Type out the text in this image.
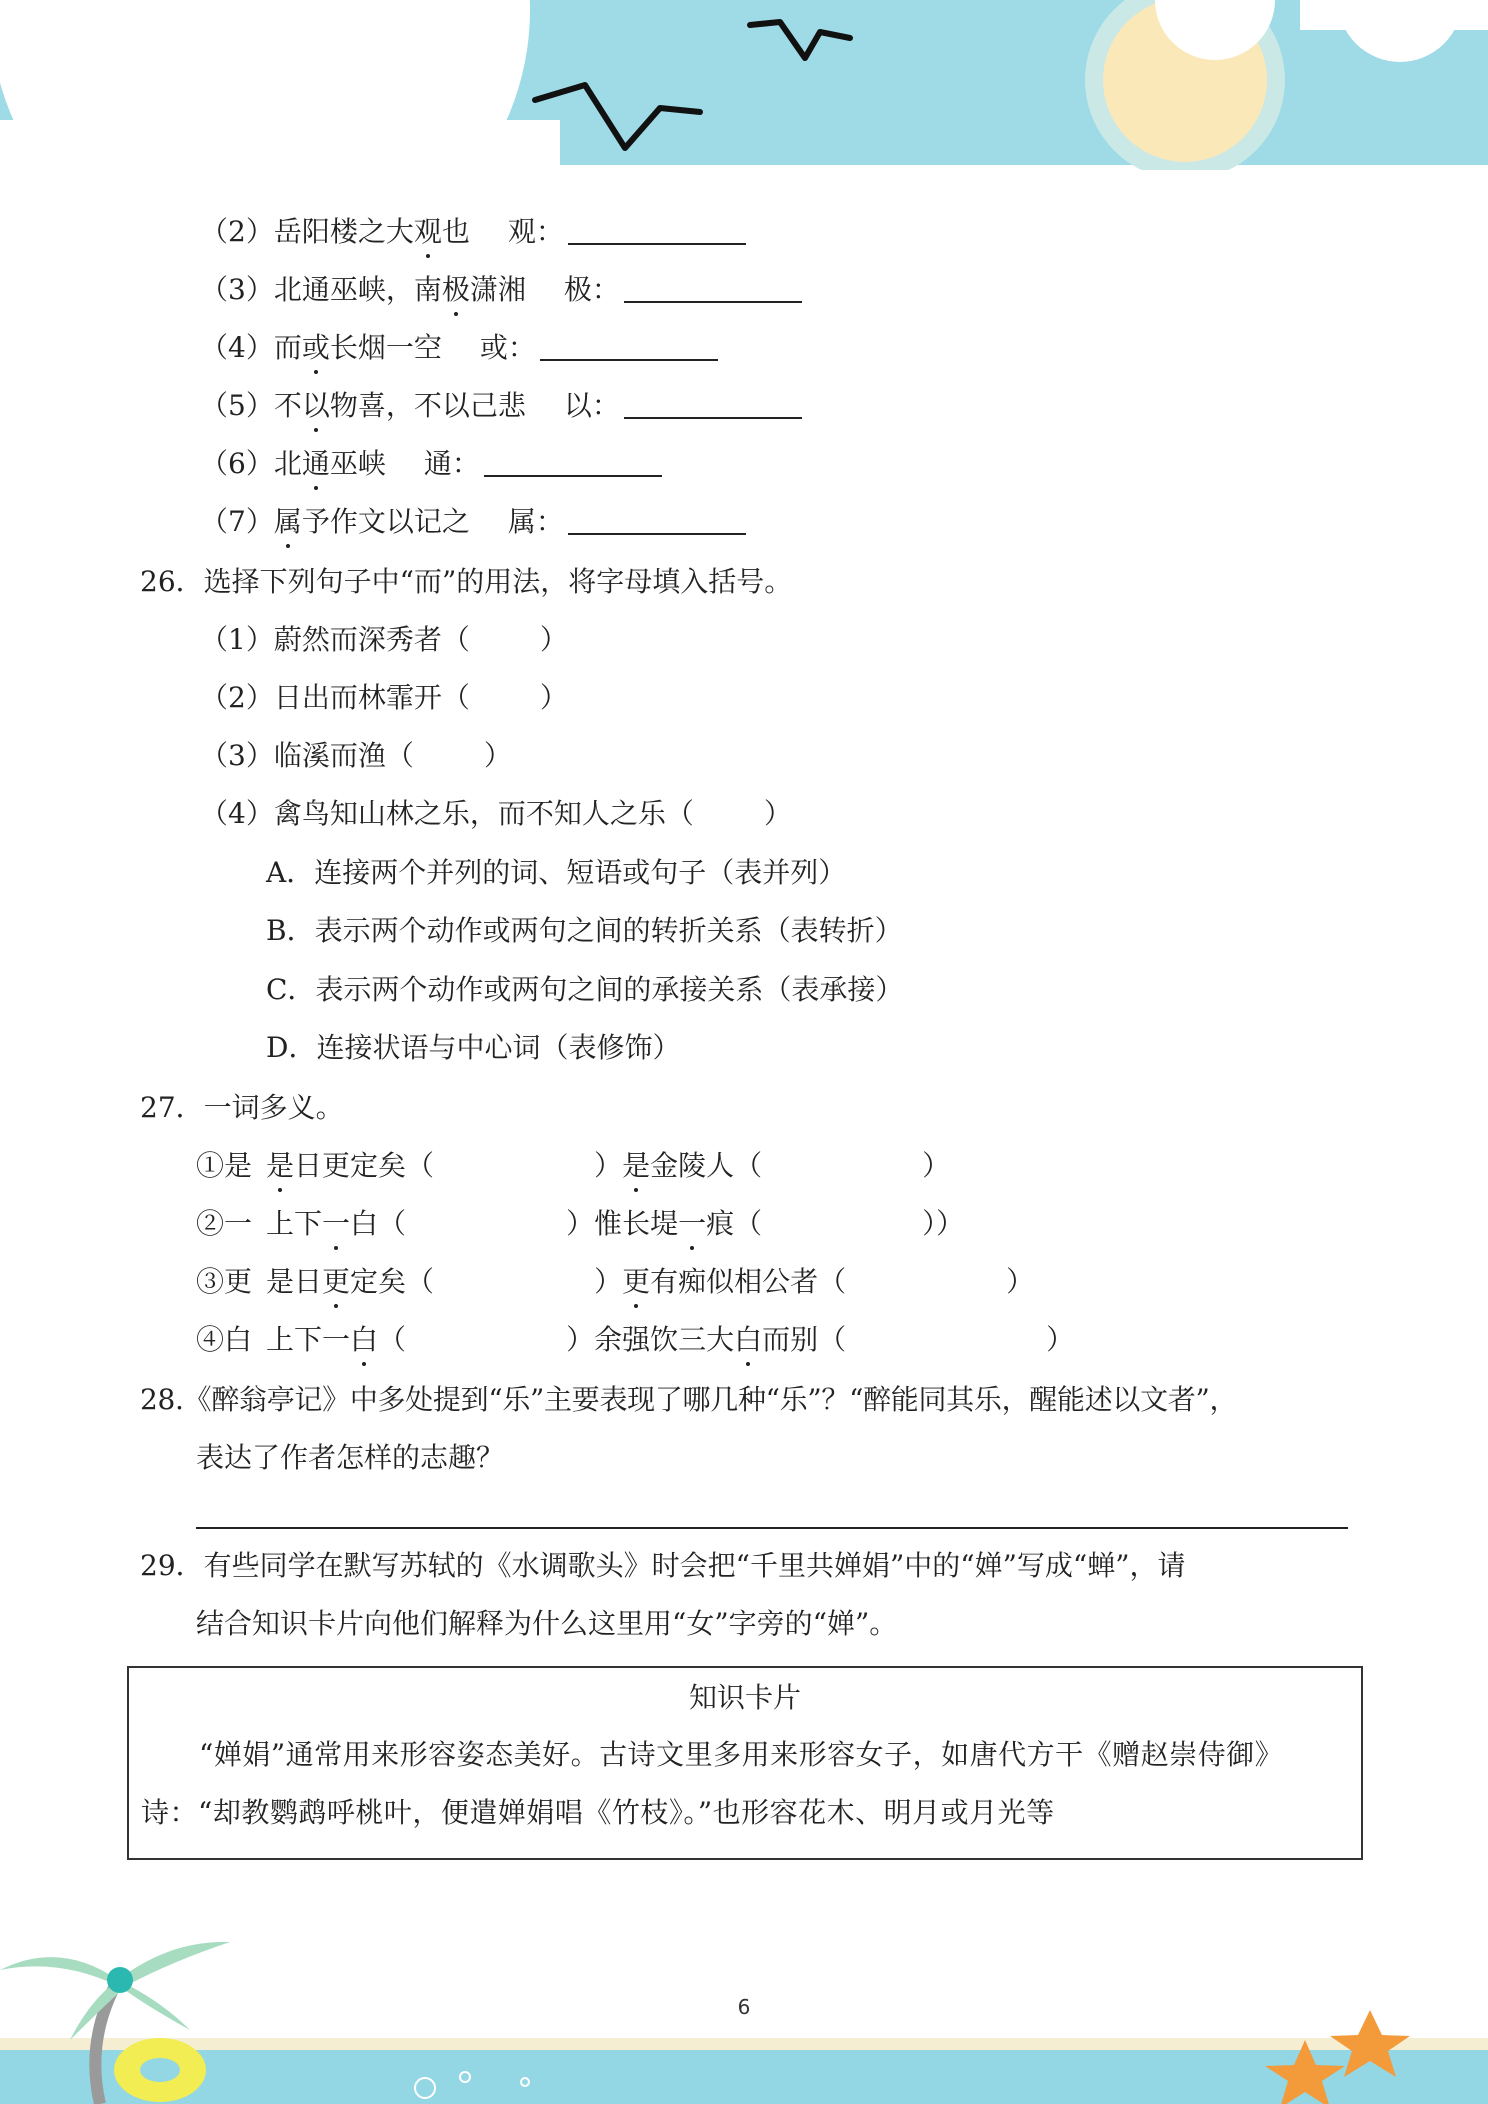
（2）岳阳楼之大观也 观：
（3）北通巫峡，南极潇湘 极：
（4）而或长烟一空 或：
（5）不以物喜，不以己悲 以：
（6）北通巫峡 通：
（7）属予作文以记之 属：
26．选择下列句子中“而”的用法，将字母填入括号。
（1）蔚然而深秀者（	）
（2）日出而林霏开（	）
（3）临溪而渔（	）
（4）禽鸟知山林之乐，而不知人之乐（	）
A．连接两个并列的词、短语或句子（表并列）
B．表示两个动作或两句之间的转折关系（表转折）
C．表示两个动作或两句之间的承接关系（表承接）
D．连接状语与中心词（表修饰）
27．一词多义。
①是 是日更定矣（	）是金陵人（	）
②一 上下一白（	）惟长堤一痕（	））
③更 是日更定矣（	）更有痴似相公者（	）
④白 上下一白（	）余强饮三大白而别（	）
28.《醉翁亭记》中多处提到“乐”主要表现了哪几种“乐”？“醉能同其乐，醒能述以文者”，
表达了作者怎样的志趣？
29．有些同学在默写苏轼的《水调歌头》时会把“千里共婵娟”中的“婵”写成“蝉”，请
结合知识卡片向他们解释为什么这里用“女”字旁的“婵”。
知识卡片
“婵娟”通常用来形容姿态美好。古诗文里多用来形容女子，如唐代方干《赠赵崇侍御》
诗：“却教鹦鹉呼桃叶，便遣婵娟唱《竹枝》。”也形容花木、明月或月光等
6
